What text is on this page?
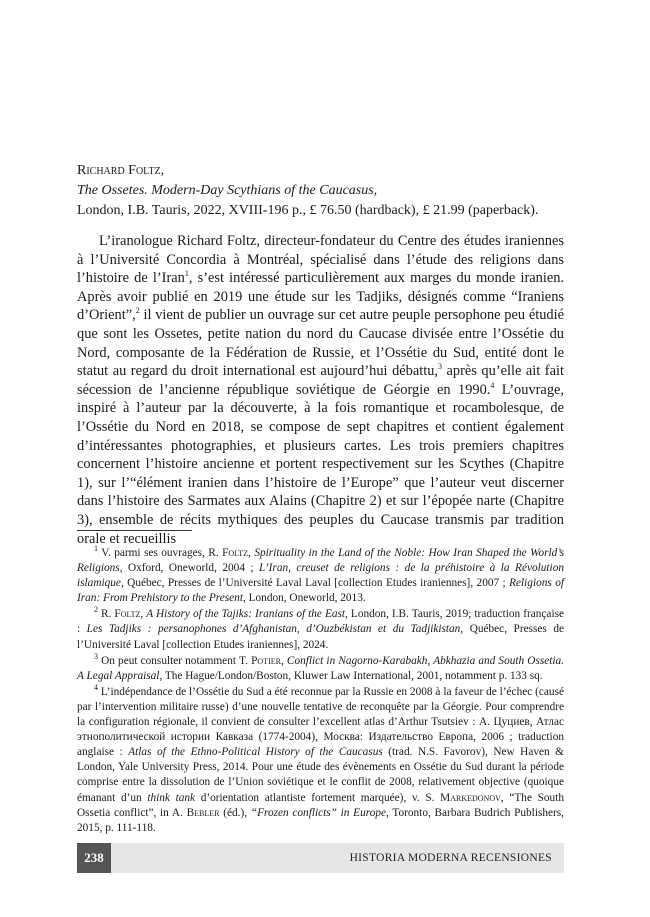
Richard Foltz,
The Ossetes. Modern-Day Scythians of the Caucasus,
London, I.B. Tauris, 2022, XVIII-196 p., £ 76.50 (hardback), £ 21.99 (paperback).

L’iranologue Richard Foltz, directeur-fondateur du Centre des études iraniennes à l’Université Concordia à Montréal, spécialisé dans l’étude des religions dans l’histoire de l’Iran$^1$, s’est intéressé particulièrement aux marges du monde iranien. Après avoir publié en 2019 une étude sur les Tadjiks, désignés comme “Iraniens d’Orient”,$^2$ il vient de publier un ouvrage sur cet autre peuple persophone peu étudié que sont les Ossetes, petite nation du nord du Caucase divisée entre l’Ossétie du Nord, composante de la Fédération de Russie, et l’Ossétie du Sud, entité dont le statut au regard du droit international est aujourd’hui débattu,$^3$ après qu’elle ait fait sécession de l’ancienne république soviétique de Géorgie en 1990.$^4$ L’ouvrage, inspiré à l’auteur par la découverte, à la fois romantique et rocambolesque, de l’Ossétie du Nord en 2018, se compose de sept chapitres et contient également d’intéressantes photographies, et plusieurs cartes. Les trois premiers chapitres concernent l’histoire ancienne et portent respectivement sur les Scythes (Chapitre 1), sur l’“élément iranien dans l’histoire de l’Europe” que l’auteur veut discerner dans l’histoire des Sarmates aux Alains (Chapitre 2) et sur l’épopée narte (Chapitre 3), ensemble de récits mythiques des peuples du Caucase transmis par tradition orale et recueillis

$^1$ V. parmi ses ouvrages, R. Foltz, Spirituality in the Land of the Noble: How Iran Shaped the World’s Religions, Oxford, Oneworld, 2004 ; L’Iran, creuset de religions : de la préhistoire à la Révolution islamique, Québec, Presses de l’Université Laval Laval [collection Etudes iraniennes], 2007 ; Religions of Iran: From Prehistory to the Present, London, Oneworld, 2013.

$^2$ R. Foltz, A History of the Tajiks: Iranians of the East, London, I.B. Tauris, 2019; traduction française : Les Tadjiks : persanophones d’Afghanistan, d’Ouzbékistan et du Tadjikistan, Québec, Presses de l’Université Laval [collection Etudes iraniennes], 2024.

$^3$ On peut consulter notamment T. Potier, Conflict in Nagorno-Karabakh, Abkhazia and South Ossetia. A Legal Appraisal, The Hague/London/Boston, Kluwer Law International, 2001, notamment p. 133 sq.

$^4$ L’indépendance de l’Ossétie du Sud a été reconnue par la Russie en 2008 à la faveur de l’échec (causé par l’intervention militaire russe) d’une nouvelle tentative de reconquête par la Géorgie. Pour comprendre la configuration régionale, il convient de consulter l’excellent atlas d’Arthur Tsutsiev : А. Цуциев, Атлас этнополитической истории Кавказа (1774-2004), Москва: Издательство Европа, 2006 ; traduction anglaise : Atlas of the Ethno-Political History of the Caucasus (trad. N.S. Favorov), New Haven & London, Yale University Press, 2014. Pour une étude des évènements en Ossétie du Sud durant la période comprise entre la dissolution de l’Union soviétique et le conflit de 2008, relativement objective (quoique émanant d’un think tank d’orientation atlantiste fortement marquée), v. S. Markedonov, “The South Ossetia conflict”, in A. Bebler (éd.), “Frozen conflicts” in Europe, Toronto, Barbara Budrich Publishers, 2015, p. 111-118.

238	HISTORIA MODERNA RECENSIONES
